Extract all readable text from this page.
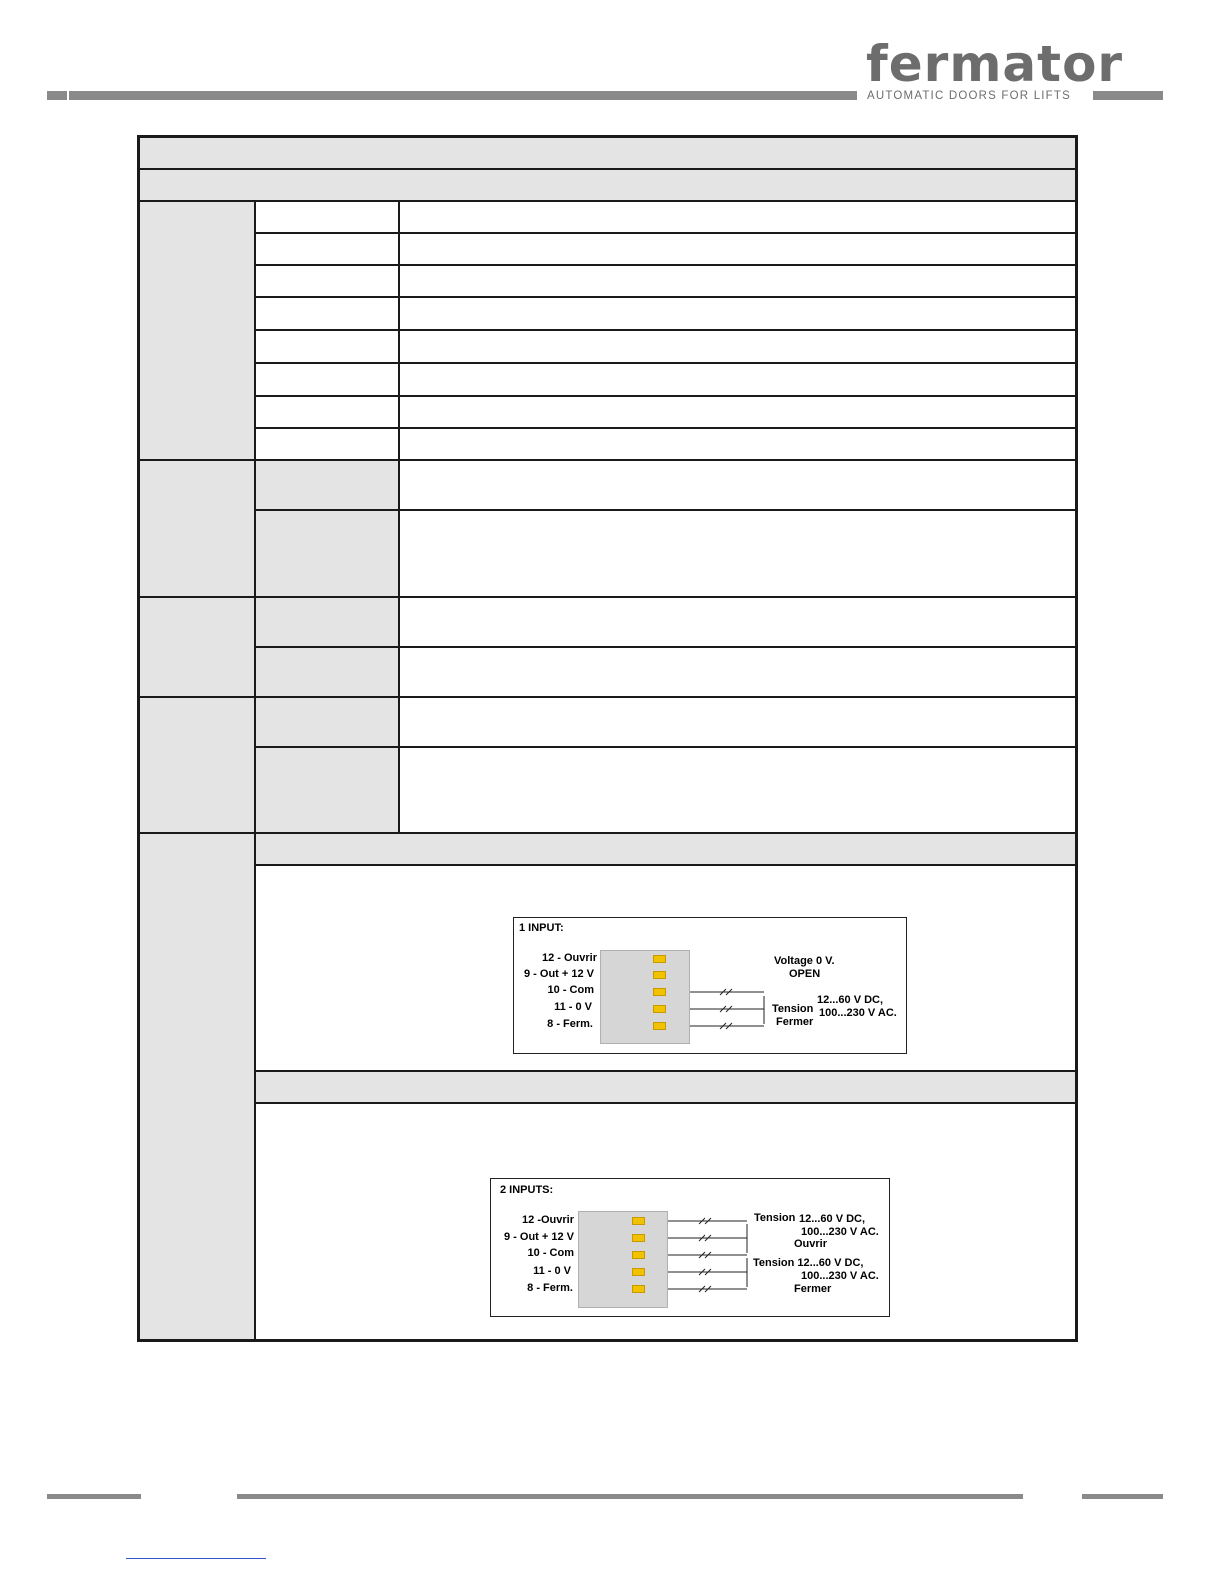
fermator
AUTOMATIC DOORS FOR LIFTS
1 INPUT:
12 - Ouvrir
9 - Out + 12 V
10 - Com
11 - 0 V
8 - Ferm.
Voltage 0 V.
OPEN
Tension
Fermer
12...60 V DC,
100...230 V AC.
2 INPUTS:
12 -Ouvrir
9 - Out + 12 V
10 - Com
11 - 0 V
8 - Ferm.
Tension 12...60 V DC,
100...230 V AC.
Ouvrir
Tension 12...60 V DC,
100...230 V AC.
Fermer
